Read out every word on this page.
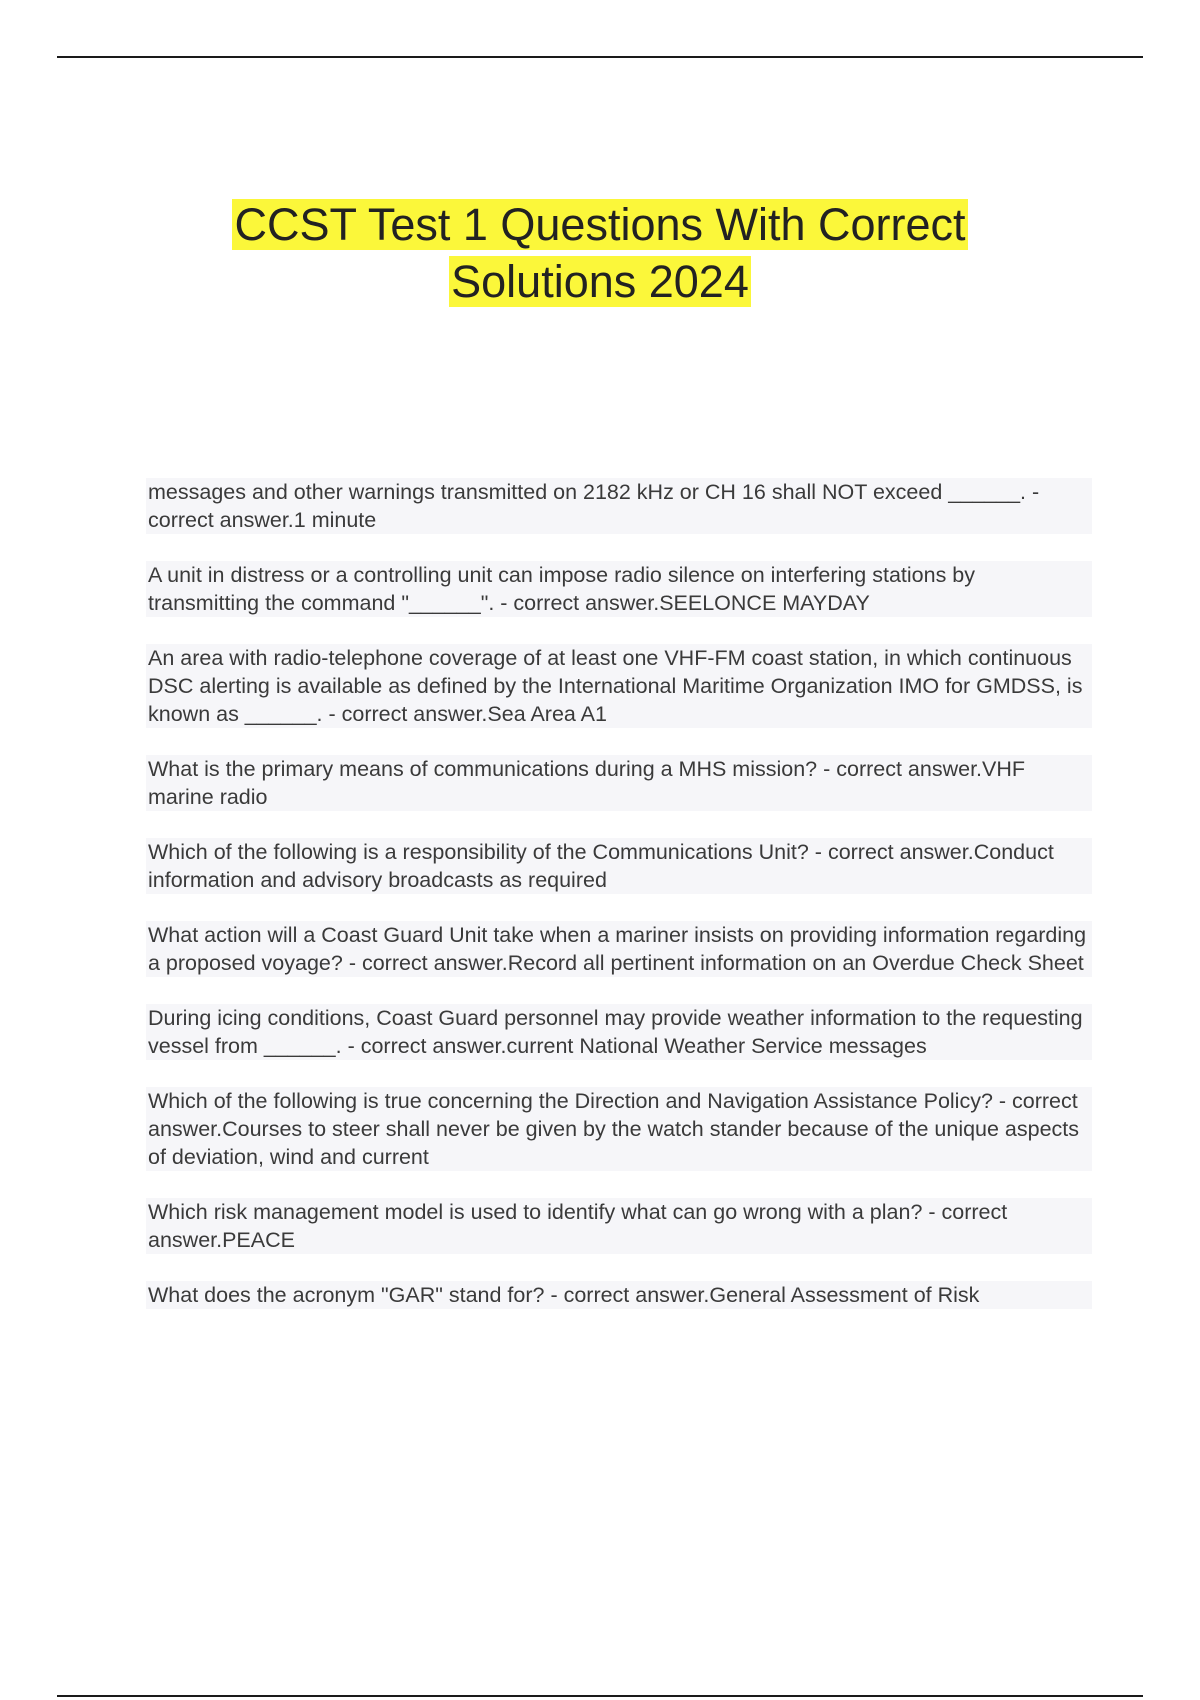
CCST Test 1 Questions With Correct
Solutions 2024

messages and other warnings transmitted on 2182 kHz or CH 16 shall NOT exceed ______. - correct answer.1 minute

A unit in distress or a controlling unit can impose radio silence on interfering stations by transmitting the command "______". - correct answer.SEELONCE MAYDAY

An area with radio-telephone coverage of at least one VHF-FM coast station, in which continuous DSC alerting is available as defined by the International Maritime Organization IMO for GMDSS, is known as ______. - correct answer.Sea Area A1

What is the primary means of communications during a MHS mission? - correct answer.VHF marine radio

Which of the following is a responsibility of the Communications Unit? - correct answer.Conduct information and advisory broadcasts as required

What action will a Coast Guard Unit take when a mariner insists on providing information regarding a proposed voyage? - correct answer.Record all pertinent information on an Overdue Check Sheet

During icing conditions, Coast Guard personnel may provide weather information to the requesting vessel from ______. - correct answer.current National Weather Service messages

Which of the following is true concerning the Direction and Navigation Assistance Policy? - correct answer.Courses to steer shall never be given by the watch stander because of the unique aspects of deviation, wind and current

Which risk management model is used to identify what can go wrong with a plan? - correct answer.PEACE

What does the acronym "GAR" stand for? - correct answer.General Assessment of Risk
